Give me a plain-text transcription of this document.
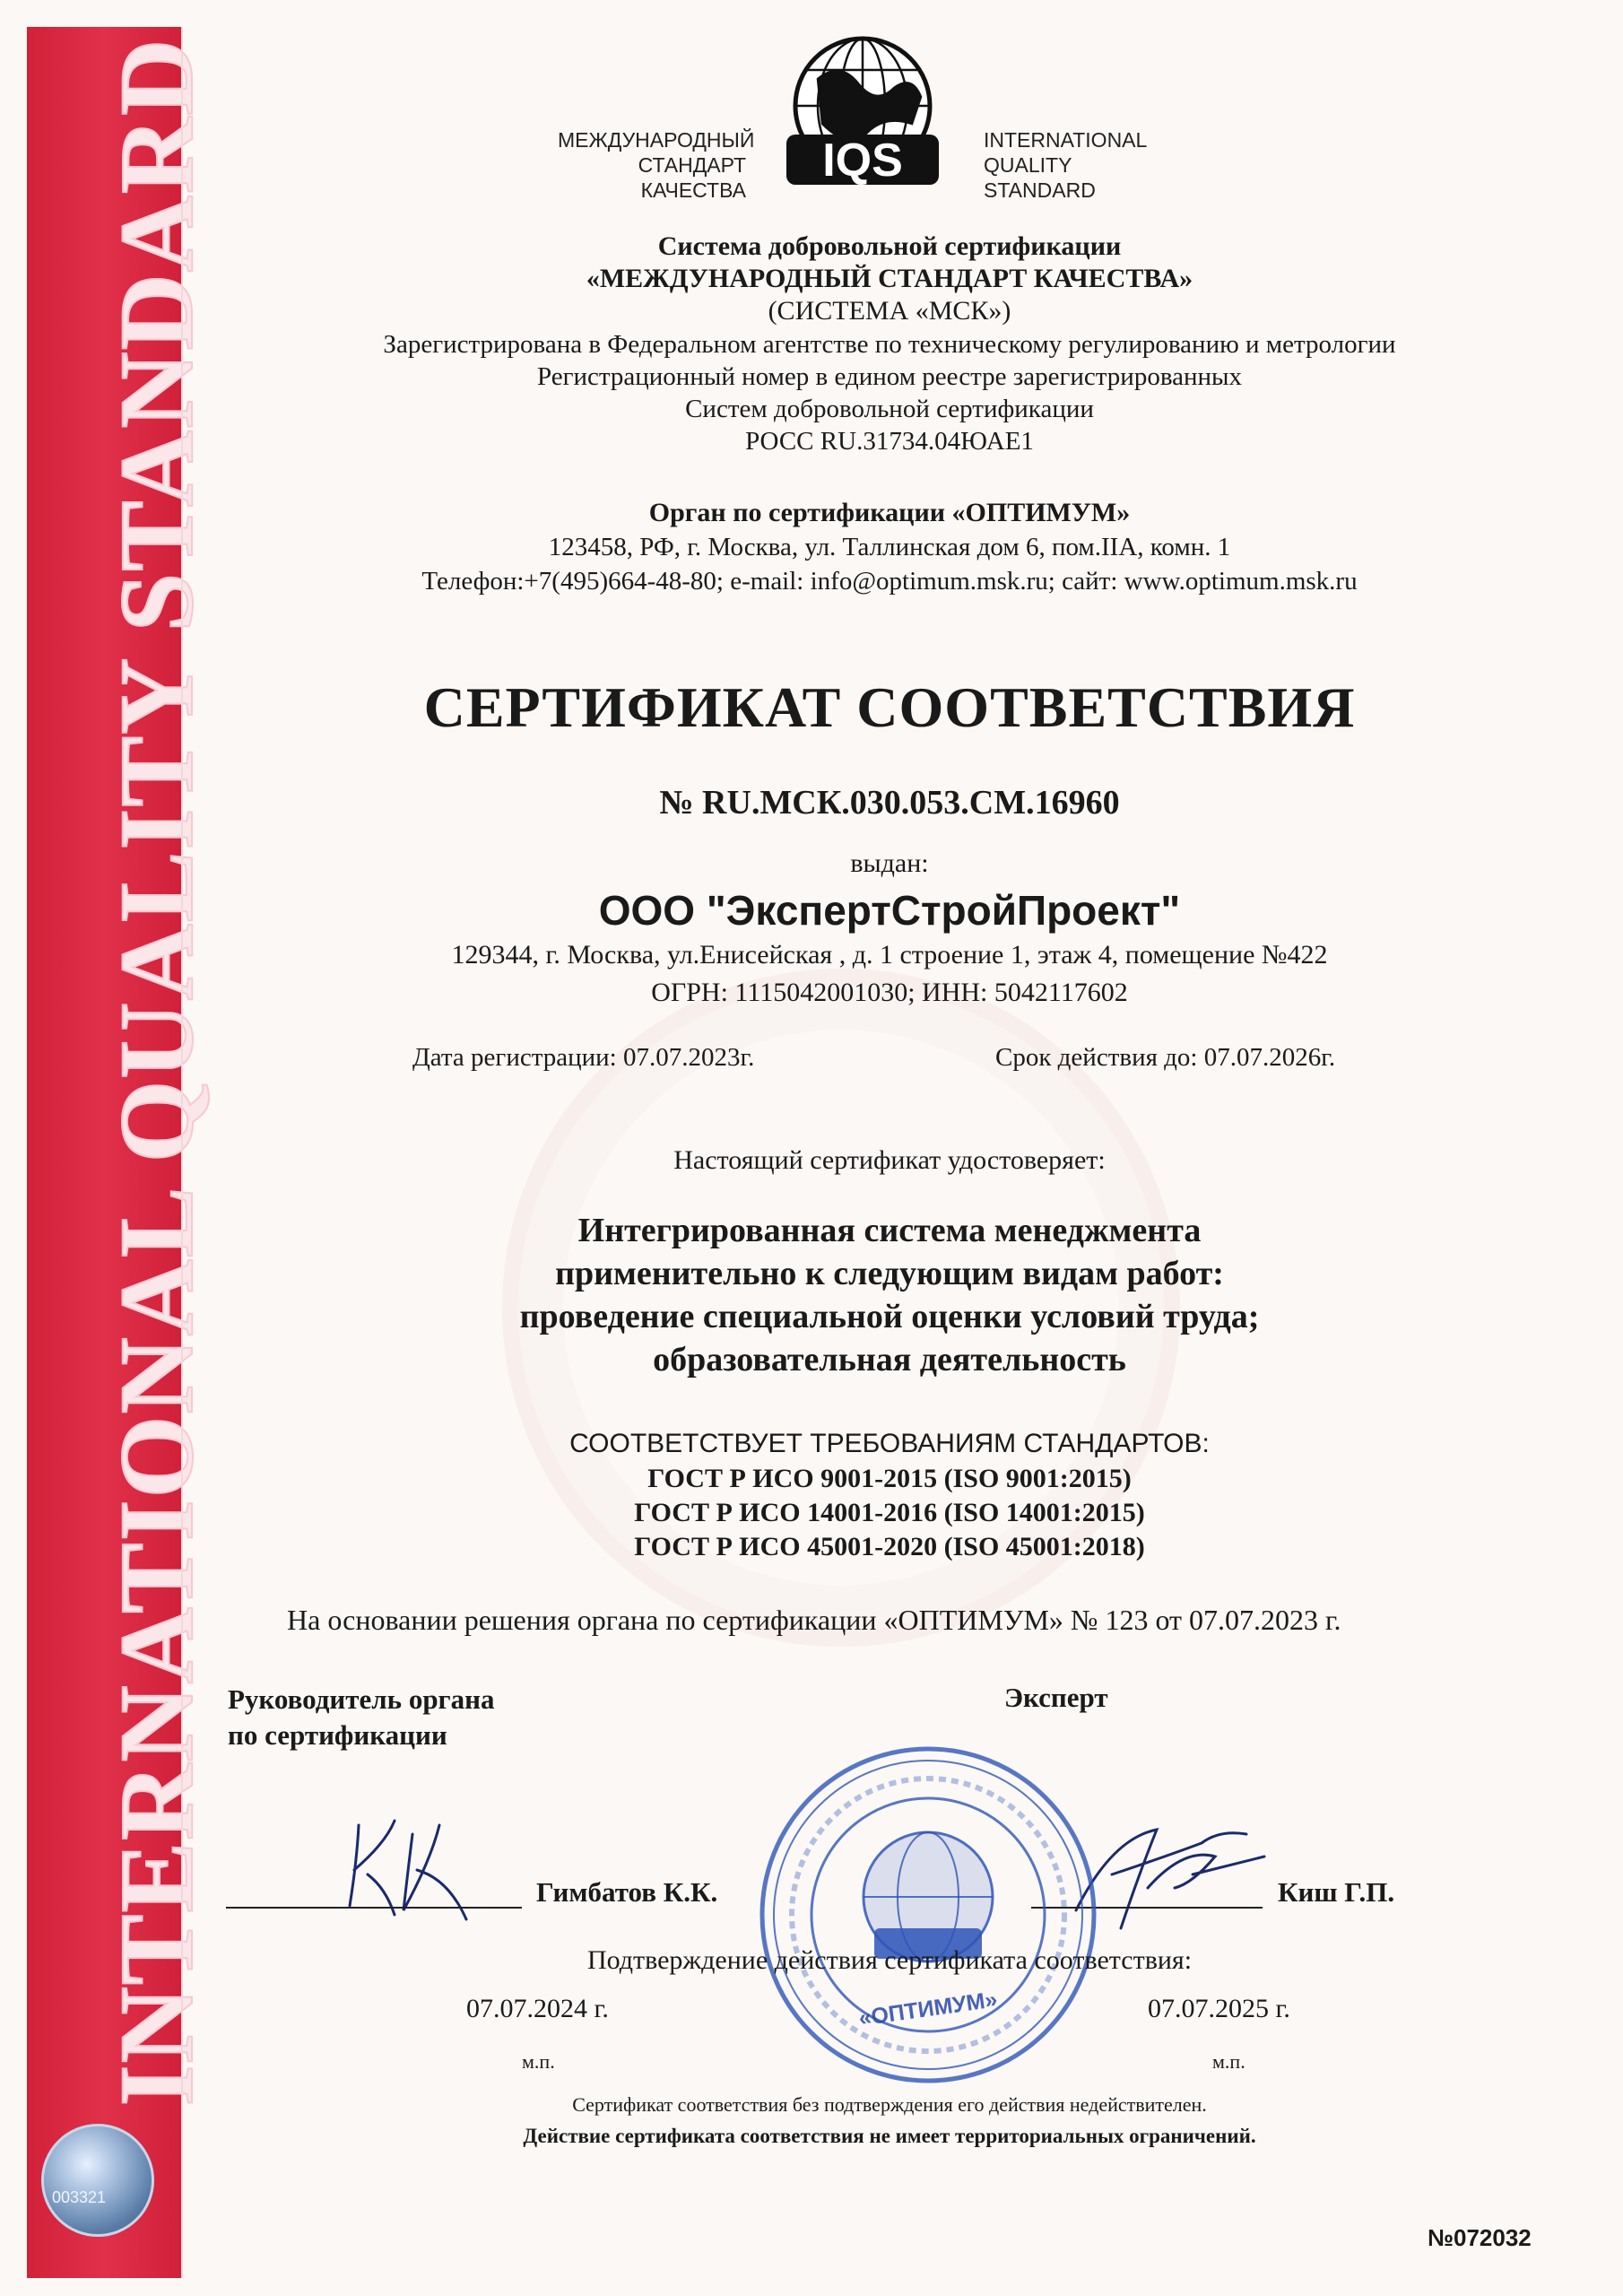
INTERNATIONAL QUALITY STANDARD
003321
МЕЖДУНАРОДНЫЙ
СТАНДАРТ
КАЧЕСТВА
IQS	INTERNATIONAL
QUALITY
STANDARD
Система добровольной сертификации
«МЕЖДУНАРОДНЫЙ СТАНДАРТ КАЧЕСТВА»
(СИСТЕМА «МСК»)
Зарегистрирована в Федеральном агентстве по техническому регулированию и метрологии
Регистрационный номер в едином реестре зарегистрированных
Систем добровольной сертификации
РОСС RU.31734.04ЮАЕ1
Орган по сертификации «ОПТИМУМ»
123458, РФ, г. Москва, ул. Таллинская дом 6, пом.IIА, комн. 1
Телефон:+7(495)664-48-80; e-mail: info@optimum.msk.ru; сайт: www.optimum.msk.ru
СЕРТИФИКАТ СООТВЕТСТВИЯ
№ RU.МСК.030.053.СМ.16960
выдан:
ООО "ЭкспертСтройПроект"
129344, г. Москва, ул.Енисейская , д. 1 строение 1, этаж 4, помещение №422
ОГРН: 1115042001030; ИНН: 5042117602
Дата регистрации: 07.07.2023г.	Срок действия до: 07.07.2026г.
Настоящий сертификат удостоверяет:
Интегрированная система менеджмента
применительно к следующим видам работ:
проведение специальной оценки условий труда;
образовательная деятельность
СООТВЕТСТВУЕТ ТРЕБОВАНИЯМ СТАНДАРТОВ:
ГОСТ Р ИСО 9001-2015 (ISO 9001:2015)
ГОСТ Р ИСО 14001-2016 (ISO 14001:2015)
ГОСТ Р ИСО 45001-2020 (ISO 45001:2018)
На основании решения органа по сертификации «ОПТИМУМ» № 123 от 07.07.2023 г.
Руководитель органа
по сертификации
Эксперт
Гимбатов К.К.	Киш Г.П.
«ОПТИМУМ»
Подтверждение действия сертификата соответствия:
07.07.2024 г.	07.07.2025 г.
м.п.	м.п.
Сертификат соответствия без подтверждения его действия недействителен.
Действие сертификата соответствия не имеет территориальных ограничений.
№072032
